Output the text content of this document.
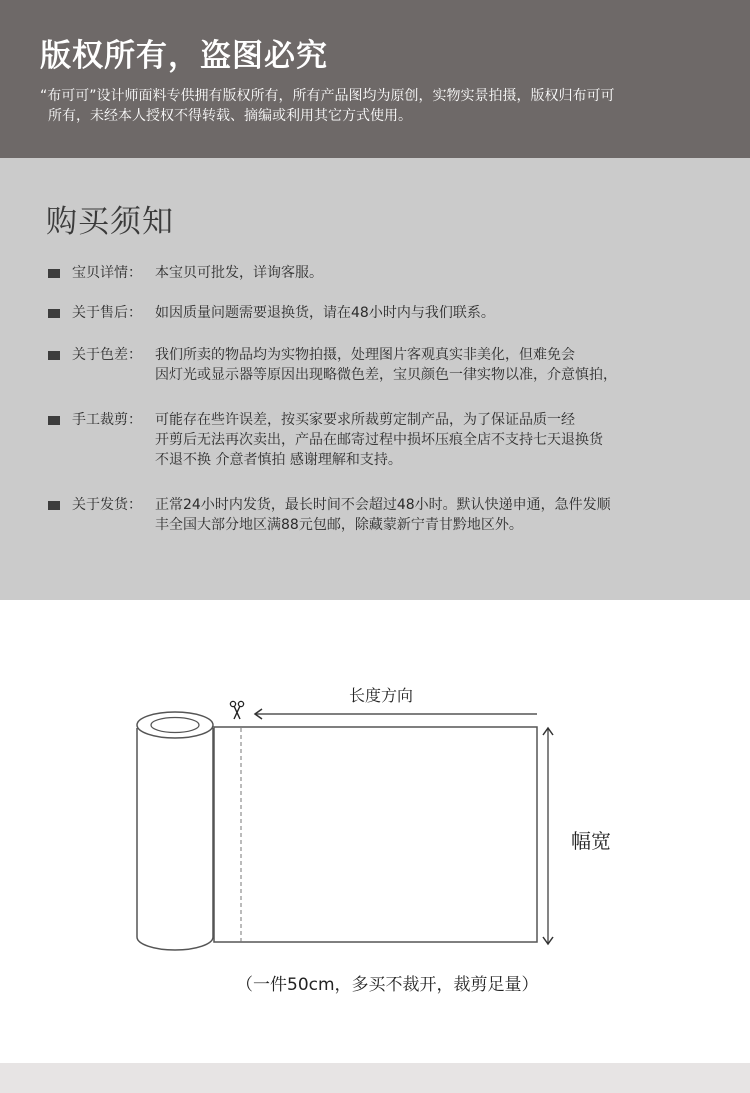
版权所有，盗图必究

“布可可”设计师面料专供拥有版权所有，所有产品图均为原创，实物实景拍摄，版权归布可可
所有，未经本人授权不得转载、摘编或利用其它方式使用。

购买须知
宝贝详情： 本宝贝可批发，详询客服。
关于售后： 如因质量问题需要退换货，请在48小时内与我们联系。
关于色差： 我们所卖的物品均为实物拍摄，处理图片客观真实非美化，但难免会
因灯光或显示器等原因出现略微色差，宝贝颜色一律实物以准，介意慎拍，
手工裁剪： 可能存在些许误差，按买家要求所裁剪定制产品，为了保证品质一经
开剪后无法再次卖出，产品在邮寄过程中损坏压痕全店不支持七天退换货
不退不换 介意者慎拍 感谢理解和支持。
关于发货： 正常24小时内发货，最长时间不会超过48小时。默认快递申通，急件发顺
丰全国大部分地区满88元包邮，除藏蒙新宁青甘黔地区外。
长度方向
幅宽
（一件50cm，多买不裁开，裁剪足量）
